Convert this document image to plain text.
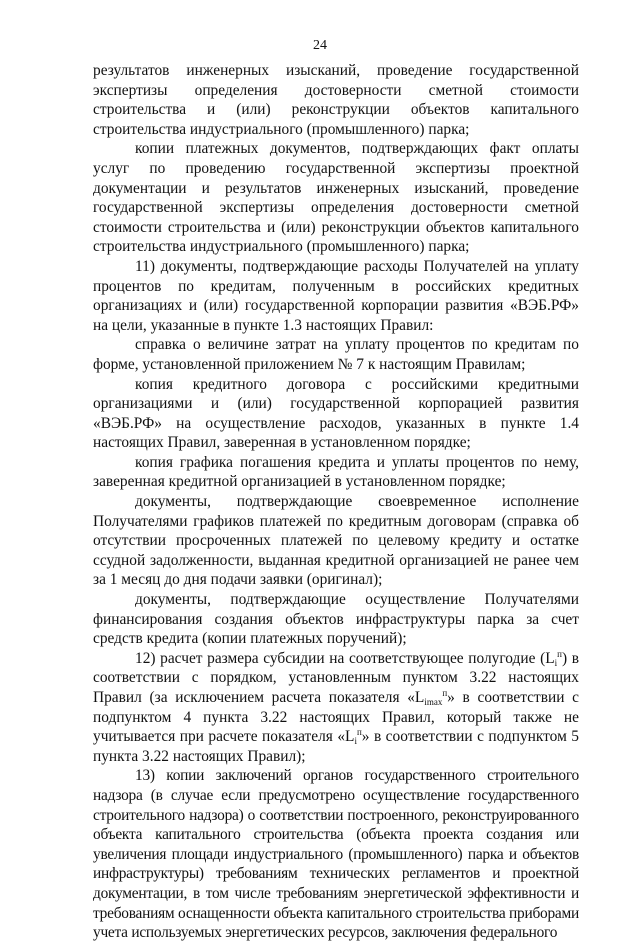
24

результатов инженерных изысканий, проведение государственной экспертизы определения достоверности сметной стоимости строительства и (или) реконструкции объектов капитального строительства индустриального (промышленного) парка;

копии платежных документов, подтверждающих факт оплаты услуг по проведению государственной экспертизы проектной документации и результатов инженерных изысканий, проведение государственной экспертизы определения достоверности сметной стоимости строительства и (или) реконструкции объектов капитального строительства индустриального (промышленного) парка;

11) документы, подтверждающие расходы Получателей на уплату процентов по кредитам, полученным в российских кредитных организациях и (или) государственной корпорации развития «ВЭБ.РФ» на цели, указанные в пункте 1.3 настоящих Правил:

справка о величине затрат на уплату процентов по кредитам по форме, установленной приложением № 7 к настоящим Правилам;

копия кредитного договора с российскими кредитными организациями и (или) государственной корпорацией развития «ВЭБ.РФ» на осуществление расходов, указанных в пункте 1.4 настоящих Правил, заверенная в установленном порядке;

копия графика погашения кредита и уплаты процентов по нему, заверенная кредитной организацией в установленном порядке;

документы, подтверждающие своевременное исполнение Получателями графиков платежей по кредитным договорам (справка об отсутствии просроченных платежей по целевому кредиту и остатке ссудной задолженности, выданная кредитной организацией не ранее чем за 1 месяц до дня подачи заявки (оригинал);

документы, подтверждающие осуществление Получателями финансирования создания объектов инфраструктуры парка за счет средств кредита (копии платежных поручений);

12) расчет размера субсидии на соответствующее полугодие $(L_i^п)$ в соответствии с порядком, установленным пунктом 3.22 настоящих Правил (за исключением расчета показателя «$L_{imax}^п$» в соответствии с подпунктом 4 пункта 3.22 настоящих Правил, который также не учитывается при расчете показателя «$L_i^п$» в соответствии с подпунктом 5 пункта 3.22 настоящих Правил);

13) копии заключений органов государственного строительного надзора (в случае если предусмотрено осуществление государственного строительного надзора) о соответствии построенного, реконструированного объекта капитального строительства (объекта проекта создания или увеличения площади индустриального (промышленного) парка и объектов инфраструктуры) требованиям технических регламентов и проектной документации, в том числе требованиям энергетической эффективности и требованиям оснащенности объекта капитального строительства приборами учета используемых энергетических ресурсов, заключения федерального
